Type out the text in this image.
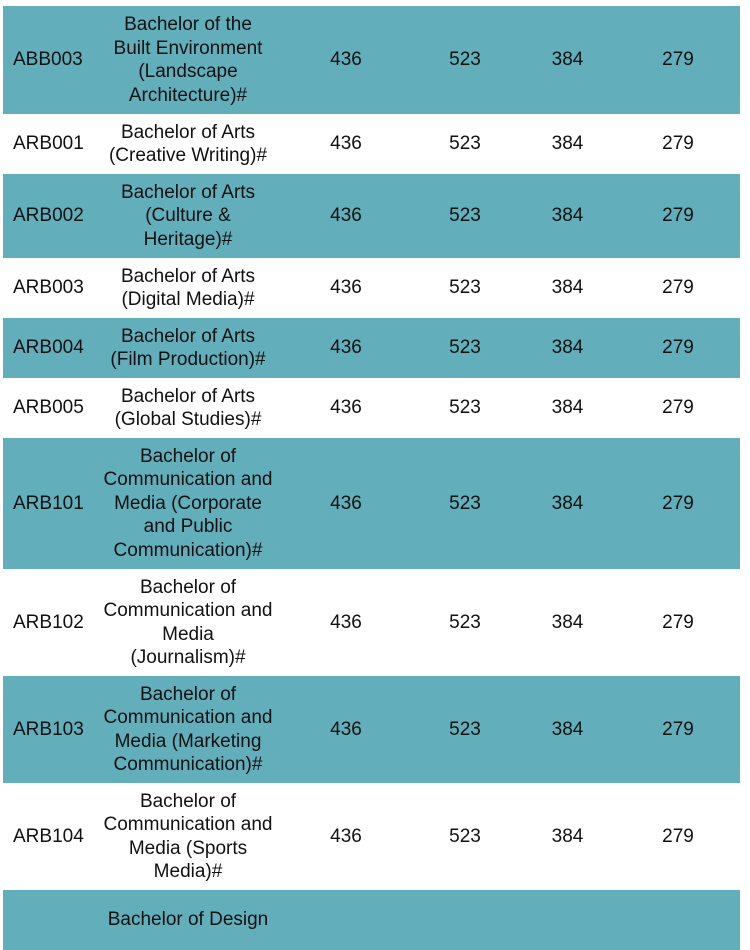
ABB003	Bachelor of the
Built Environment
(Landscape
Architecture)#	436	523	384	279
ARB001	Bachelor of Arts
(Creative Writing)#	436	523	384	279
ARB002	Bachelor of Arts
(Culture &
Heritage)#	436	523	384	279
ARB003	Bachelor of Arts
(Digital Media)#	436	523	384	279
ARB004	Bachelor of Arts
(Film Production)#	436	523	384	279
ARB005	Bachelor of Arts
(Global Studies)#	436	523	384	279
ARB101	Bachelor of
Communication and
Media (Corporate
and Public
Communication)#	436	523	384	279
ARB102	Bachelor of
Communication and
Media
(Journalism)#	436	523	384	279
ARB103	Bachelor of
Communication and
Media (Marketing
Communication)#	436	523	384	279
ARB104	Bachelor of
Communication and
Media (Sports
Media)#	436	523	384	279

	Bachelor of Design				
